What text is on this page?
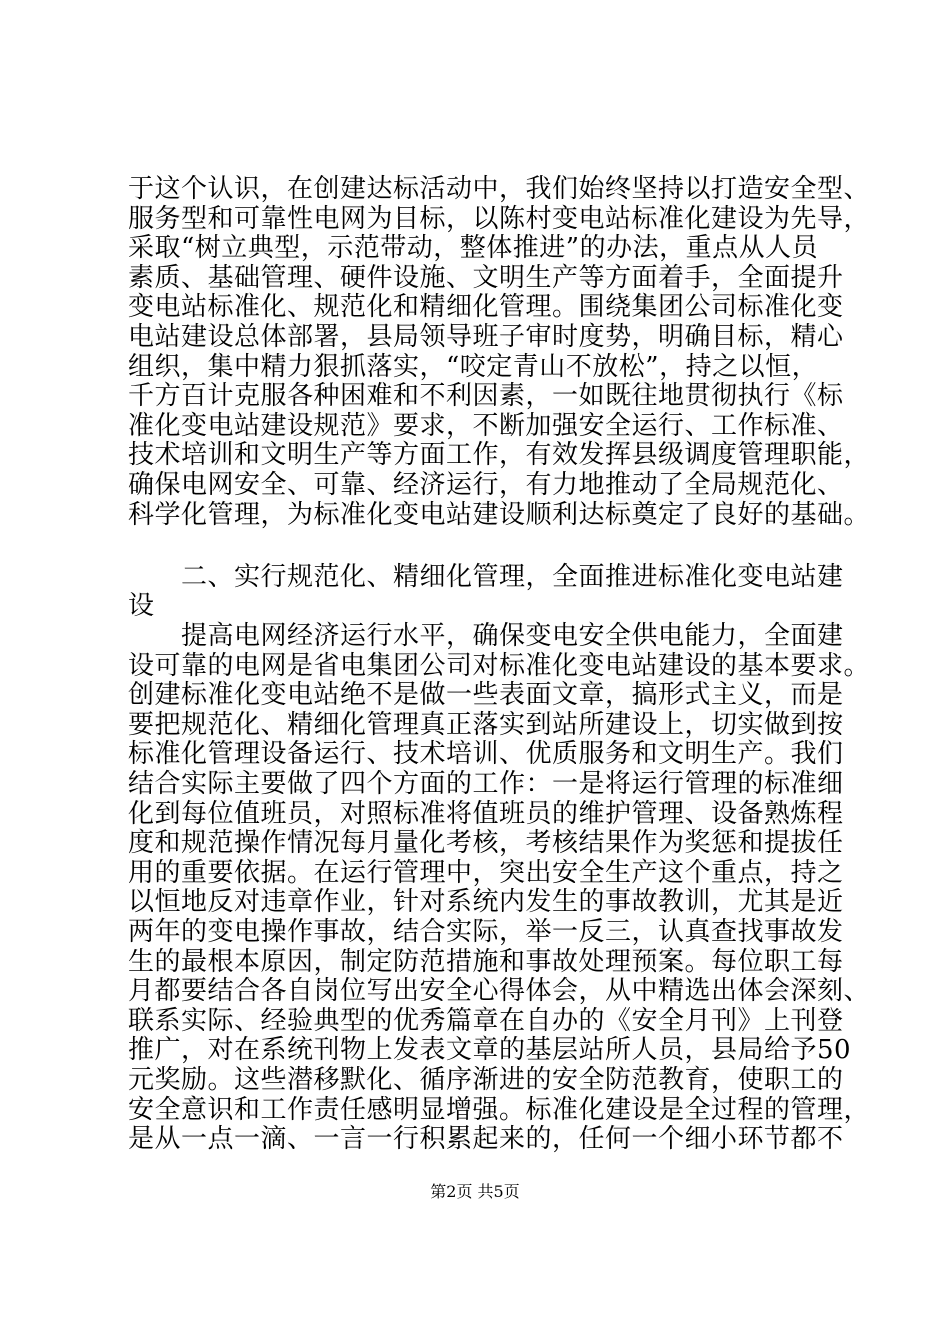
于这个认识，在创建达标活动中，我们始终坚持以打造安全型、
服务型和可靠性电网为目标，以陈村变电站标准化建设为先导，
采取“树立典型，示范带动，整体推进”的办法，重点从人员
素质、基础管理、硬件设施、文明生产等方面着手，全面提升
变电站标准化、规范化和精细化管理。围绕集团公司标准化变
电站建设总体部署，县局领导班子审时度势，明确目标，精心
组织，集中精力狠抓落实，“咬定青山不放松”，持之以恒，
千方百计克服各种困难和不利因素，一如既往地贯彻执行《标
准化变电站建设规范》要求，不断加强安全运行、工作标准、
技术培训和文明生产等方面工作，有效发挥县级调度管理职能，
确保电网安全、可靠、经济运行，有力地推动了全局规范化、
科学化管理，为标准化变电站建设顺利达标奠定了良好的基础。
　　二、实行规范化、精细化管理，全面推进标准化变电站建
设
　　提高电网经济运行水平，确保变电安全供电能力，全面建
设可靠的电网是省电集团公司对标准化变电站建设的基本要求。
创建标准化变电站绝不是做一些表面文章，搞形式主义，而是
要把规范化、精细化管理真正落实到站所建设上，切实做到按
标准化管理设备运行、技术培训、优质服务和文明生产。我们
结合实际主要做了四个方面的工作：一是将运行管理的标准细
化到每位值班员，对照标准将值班员的维护管理、设备熟炼程
度和规范操作情况每月量化考核，考核结果作为奖惩和提拔任
用的重要依据。在运行管理中，突出安全生产这个重点，持之
以恒地反对违章作业，针对系统内发生的事故教训，尤其是近
两年的变电操作事故，结合实际，举一反三，认真查找事故发
生的最根本原因，制定防范措施和事故处理预案。每位职工每
月都要结合各自岗位写出安全心得体会，从中精选出体会深刻、
联系实际、经验典型的优秀篇章在自办的《安全月刊》上刊登
推广，对在系统刊物上发表文章的基层站所人员，县局给予50
元奖励。这些潜移默化、循序渐进的安全防范教育，使职工的
安全意识和工作责任感明显增强。标准化建设是全过程的管理，
是从一点一滴、一言一行积累起来的，任何一个细小环节都不
第2页 共5页
